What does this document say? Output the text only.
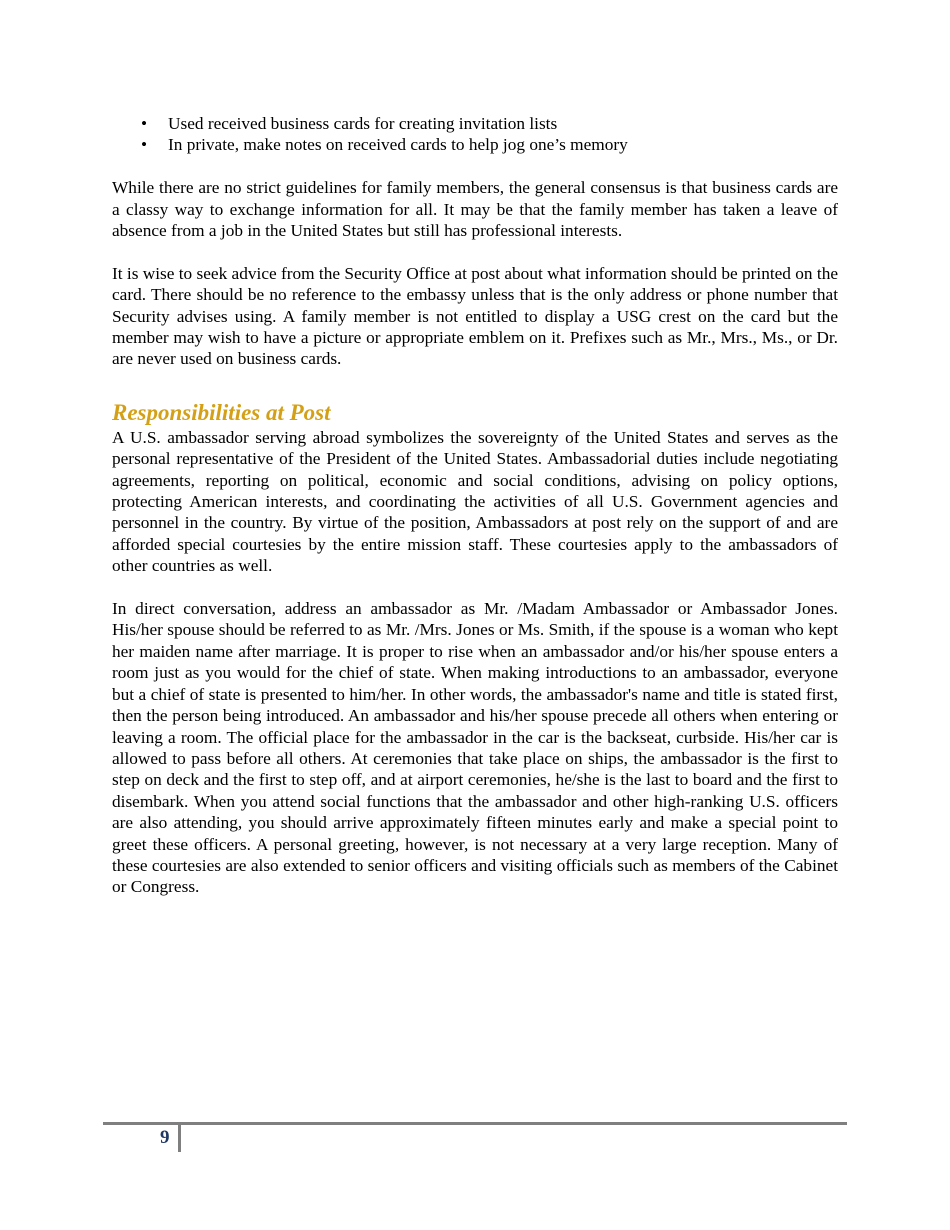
• Used received business cards for creating invitation lists
• In private, make notes on received cards to help jog one’s memory

While there are no strict guidelines for family members, the general consensus is that business cards are a classy way to exchange information for all. It may be that the family member has taken a leave of absence from a job in the United States but still has professional interests.

It is wise to seek advice from the Security Office at post about what information should be printed on the card. There should be no reference to the embassy unless that is the only address or phone number that Security advises using. A family member is not entitled to display a USG crest on the card but the member may wish to have a picture or appropriate emblem on it. Prefixes such as Mr., Mrs., Ms., or Dr. are never used on business cards.

Responsibilities at Post

A U.S. ambassador serving abroad symbolizes the sovereignty of the United States and serves as the personal representative of the President of the United States. Ambassadorial duties include negotiating agreements, reporting on political, economic and social conditions, advising on policy options, protecting American interests, and coordinating the activities of all U.S. Government agencies and personnel in the country. By virtue of the position, Ambassadors at post rely on the support of and are afforded special courtesies by the entire mission staff. These courtesies apply to the ambassadors of other countries as well.

In direct conversation, address an ambassador as Mr. /Madam Ambassador or Ambassador Jones. His/her spouse should be referred to as Mr. /Mrs. Jones or Ms. Smith, if the spouse is a woman who kept her maiden name after marriage. It is proper to rise when an ambassador and/or his/her spouse enters a room just as you would for the chief of state. When making introductions to an ambassador, everyone but a chief of state is presented to him/her. In other words, the ambassador's name and title is stated first, then the person being introduced. An ambassador and his/her spouse precede all others when entering or leaving a room. The official place for the ambassador in the car is the backseat, curbside. His/her car is allowed to pass before all others. At ceremonies that take place on ships, the ambassador is the first to step on deck and the first to step off, and at airport ceremonies, he/she is the last to board and the first to disembark. When you attend social functions that the ambassador and other high-ranking U.S. officers are also attending, you should arrive approximately fifteen minutes early and make a special point to greet these officers. A personal greeting, however, is not necessary at a very large reception. Many of these courtesies are also extended to senior officers and visiting officials such as members of the Cabinet or Congress.

9
